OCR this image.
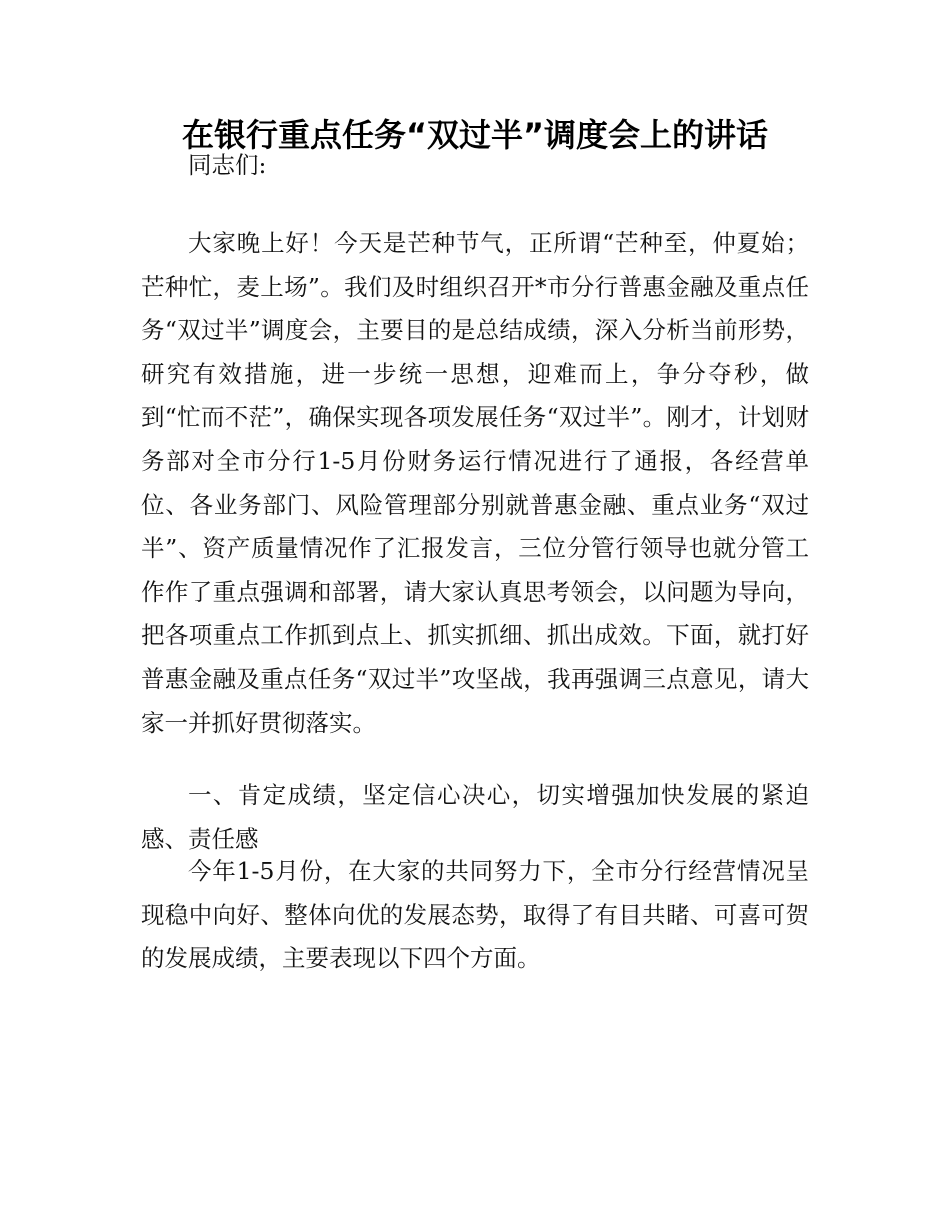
在银行重点任务“双过半”调度会上的讲话

同志们:

大家晚上好！今天是芒种节气，正所谓“芒种至，仲夏始；芒种忙，麦上场”。我们及时组织召开*市分行普惠金融及重点任务“双过半”调度会，主要目的是总结成绩，深入分析当前形势，研究有效措施，进一步统一思想，迎难而上，争分夺秒，做到“忙而不茫”，确保实现各项发展任务“双过半”。刚才，计划财务部对全市分行1-5月份财务运行情况进行了通报，各经营单位、各业务部门、风险管理部分别就普惠金融、重点业务“双过半”、资产质量情况作了汇报发言，三位分管行领导也就分管工作作了重点强调和部署，请大家认真思考领会，以问题为导向，把各项重点工作抓到点上、抓实抓细、抓出成效。下面，就打好普惠金融及重点任务“双过半”攻坚战，我再强调三点意见，请大家一并抓好贯彻落实。

一、肯定成绩，坚定信心决心，切实增强加快发展的紧迫感、责任感

今年1-5月份，在大家的共同努力下，全市分行经营情况呈现稳中向好、整体向优的发展态势，取得了有目共睹、可喜可贺的发展成绩，主要表现以下四个方面。
